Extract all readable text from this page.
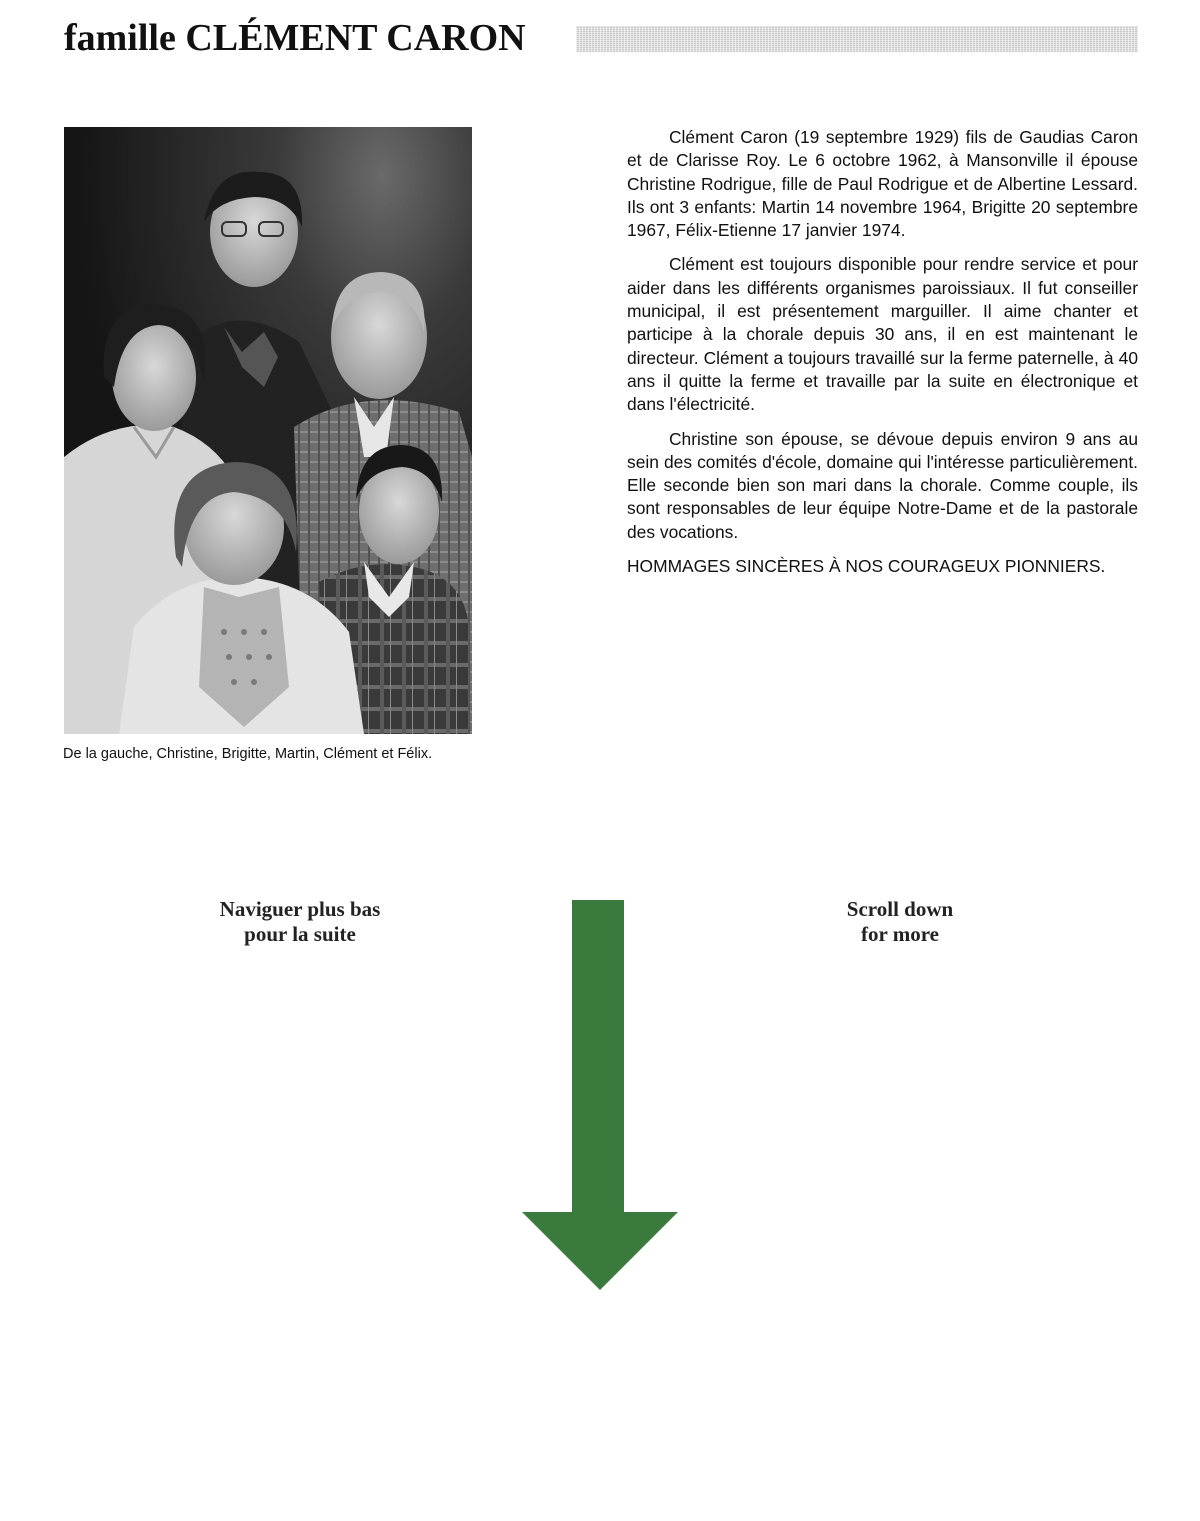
famille CLÉMENT CARON
De la gauche, Christine, Brigitte, Martin, Clément et Félix.

Clément Caron (19 septembre 1929) fils de Gaudias Caron et de Clarisse Roy. Le 6 octobre 1962, à Mansonville il épouse Christine Rodrigue, fille de Paul Rodrigue et de Albertine Lessard. Ils ont 3 enfants: Martin 14 novembre 1964, Brigitte 20 septembre 1967, Félix-Etienne 17 janvier 1974.

Clément est toujours disponible pour rendre service et pour aider dans les différents organismes paroissiaux. Il fut conseiller municipal, il est présentement marguiller. Il aime chanter et participe à la chorale depuis 30 ans, il en est maintenant le directeur. Clément a toujours travaillé sur la ferme paternelle, à 40 ans il quitte la ferme et travaille par la suite en électronique et dans l'électricité.

Christine son épouse, se dévoue depuis environ 9 ans au sein des comités d'école, domaine qui l'intéresse particulièrement. Elle seconde bien son mari dans la chorale. Comme couple, ils sont responsables de leur équipe Notre-Dame et de la pastorale des vocations.

HOMMAGES SINCÈRES À NOS COURAGEUX PIONNIERS.

Naviguer plus bas
pour la suite
Scroll down
for more
